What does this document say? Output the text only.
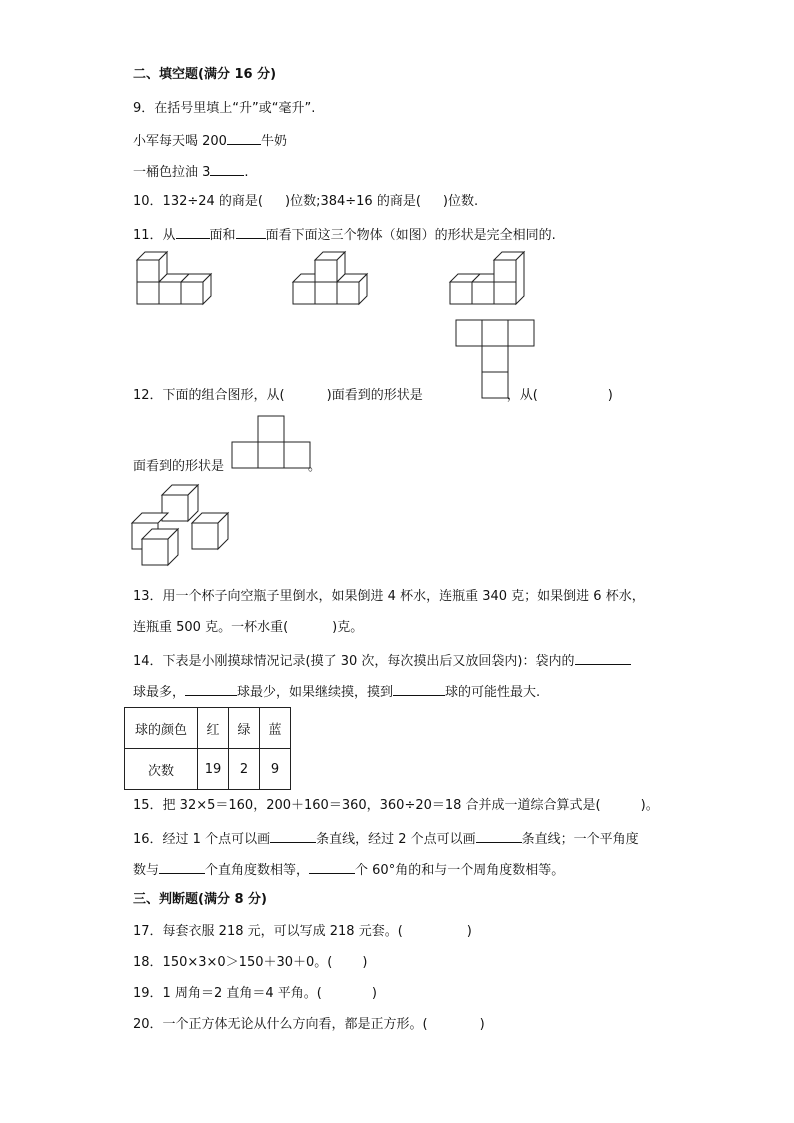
二、填空题(满分 16 分)
9．在括号里填上“升”或“毫升”.
小军每天喝 200	牛奶
一桶色拉油 3	.
10．132÷24 的商是( )位数;384÷16 的商是( )位数.
11．从	面和 面看下面这三个物体（如图）的形状是完全相同的.
12．下面的组合图形，从(	)面看到的形状是	，从(	)
面看到的形状是	。
13．用一个杯子向空瓶子里倒水，如果倒进 4 杯水，连瓶重 340 克；如果倒进 6 杯水，
连瓶重 500 克。一杯水重(	)克。
14．下表是小刚摸球情况记录(摸了 30 次，每次摸出后又放回袋内)：袋内的
球最多，	球最少，如果继续摸，摸到	球的可能性最大.
球的颜色	红	绿	蓝
次数	19	2	9
15．把 32×5＝160，200＋160＝360，360÷20＝18 合并成一道综合算式是(	)。
16．经过 1 个点可以画	条直线，经过 2 个点可以画	条直线；一个平角度
数与	个直角度数相等，	个 60°角的和与一个周角度数相等。
三、判断题(满分 8 分)
17．每套衣服 218 元，可以写成 218 元套。(	)
18．150×3×0＞150＋30＋0。( )
19．1 周角＝2 直角＝4 平角。(	)
20．一个正方体无论从什么方向看，都是正方形。(	)
